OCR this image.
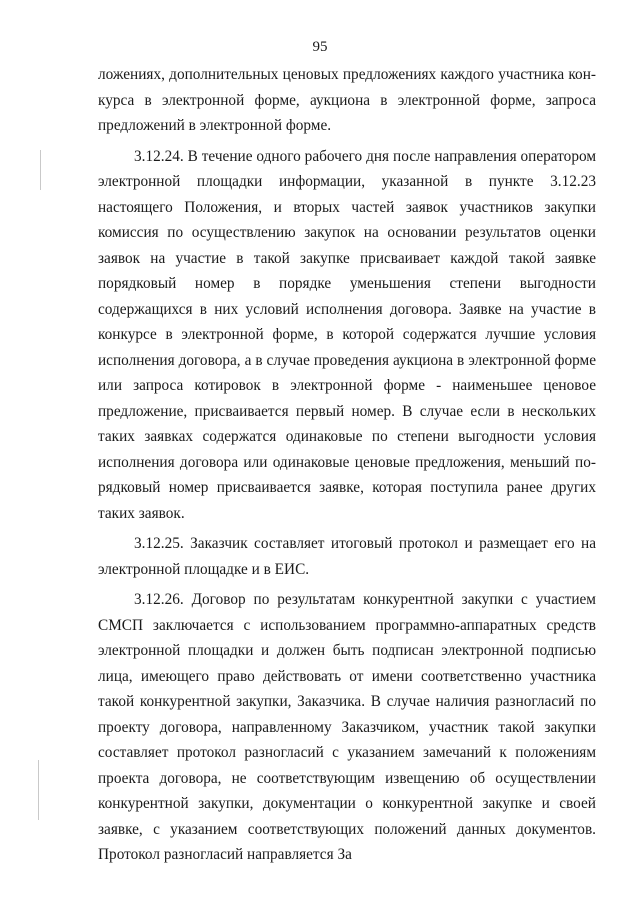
95

ложениях, дополнительных ценовых предложениях каждого участника конкурса в электронной форме, аукциона в электронной форме, запроса предложений в электронной форме.

3.12.24. В течение одного рабочего дня после направления оператором электронной площадки информации, указанной в пункте 3.12.23 настоящего Положения, и вторых частей заявок участников закупки комиссия по осуществлению закупок на основании результатов оценки заявок на участие в такой закупке присваивает каждой такой заявке порядковый номер в порядке уменьшения степени выгодности содержащихся в них условий исполнения договора. Заявке на участие в конкурсе в электронной форме, в которой содержатся лучшие условия исполнения договора, а в случае проведения аукциона в электронной форме или запроса котировок в электронной форме - наименьшее ценовое предложение, присваивается первый номер. В случае если в нескольких таких заявках содержатся одинаковые по степени выгодности условия исполнения договора или одинаковые ценовые предложения, меньший порядковый номер присваивается заявке, которая поступила ранее других таких заявок.

3.12.25. Заказчик составляет итоговый протокол и размещает его на электронной площадке и в ЕИС.

3.12.26. Договор по результатам конкурентной закупки с участием СМСП заключается с использованием программно-аппаратных средств электронной площадки и должен быть подписан электронной подписью лица, имеющего право действовать от имени соответственно участника такой конкурентной закупки, Заказчика. В случае наличия разногласий по проекту договора, направленному Заказчиком, участник такой закупки составляет протокол разногласий с указанием замечаний к положениям проекта договора, не соответствующим извещению об осуществлении конкурентной закупки, документации о конкурентной закупке и своей заявке, с указанием соответствующих положений данных документов. Протокол разногласий направляется За
